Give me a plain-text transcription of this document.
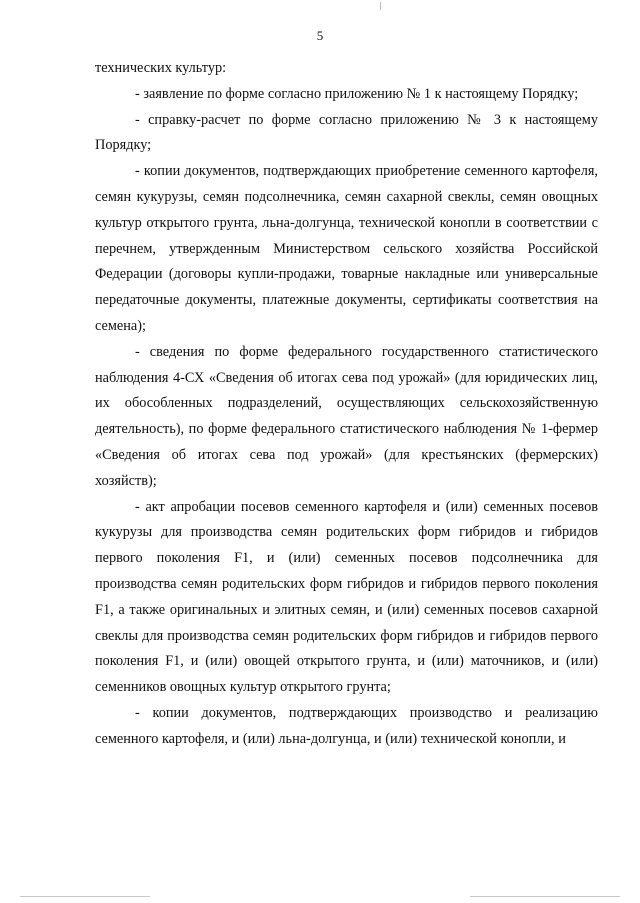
5

технических культур:

- заявление по форме согласно приложению № 1 к настоящему Порядку;

- справку-расчет по форме согласно приложению № 3 к настоящему Порядку;

- копии документов, подтверждающих приобретение семенного картофеля, семян кукурузы, семян подсолнечника, семян сахарной свеклы, семян овощных культур открытого грунта, льна-долгунца, технической конопли в соответствии с перечнем, утвержденным Министерством сельского хозяйства Российской Федерации (договоры купли-продажи, товарные накладные или универсальные передаточные документы, платежные документы, сертификаты соответствия на семена);

- сведения по форме федерального государственного статистического наблюдения 4-СХ «Сведения об итогах сева под урожай» (для юридических лиц, их обособленных подразделений, осуществляющих сельскохозяйственную деятельность), по форме федерального статистического наблюдения № 1-фермер «Сведения об итогах сева под урожай» (для крестьянских (фермерских) хозяйств);

- акт апробации посевов семенного картофеля и (или) семенных посевов кукурузы для производства семян родительских форм гибридов и гибридов первого поколения F1, и (или) семенных посевов подсолнечника для производства семян родительских форм гибридов и гибридов первого поколения F1, а также оригинальных и элитных семян, и (или) семенных посевов сахарной свеклы для производства семян родительских форм гибридов и гибридов первого поколения F1, и (или) овощей открытого грунта, и (или) маточников, и (или) семенников овощных культур открытого грунта;

- копии документов, подтверждающих производство и реализацию семенного картофеля, и (или) льна-долгунца, и (или) технической конопли, и
